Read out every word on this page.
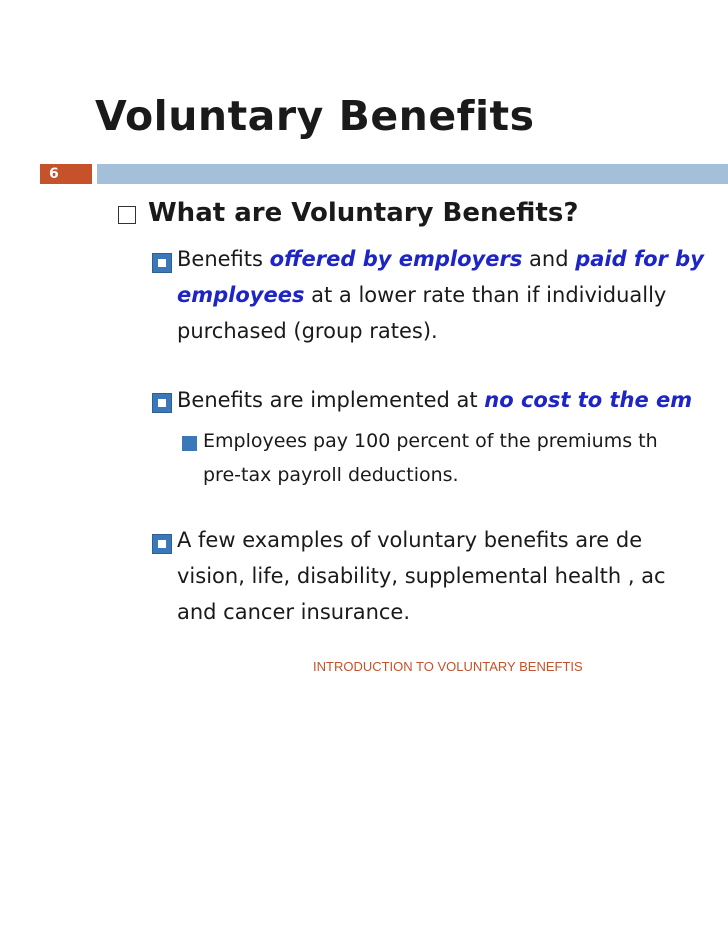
Voluntary Benefits
6
What are Voluntary Benefits?
Benefits offered by employers and paid for by
employees at a lower rate than if individually
purchased (group rates).
Benefits are implemented at no cost to the em
Employees pay 100 percent of the premiums th
pre-tax payroll deductions.
A few examples of voluntary benefits are de
vision, life, disability, supplemental health , ac
and cancer insurance.
INTRODUCTION TO VOLUNTARY BENEFTIS
